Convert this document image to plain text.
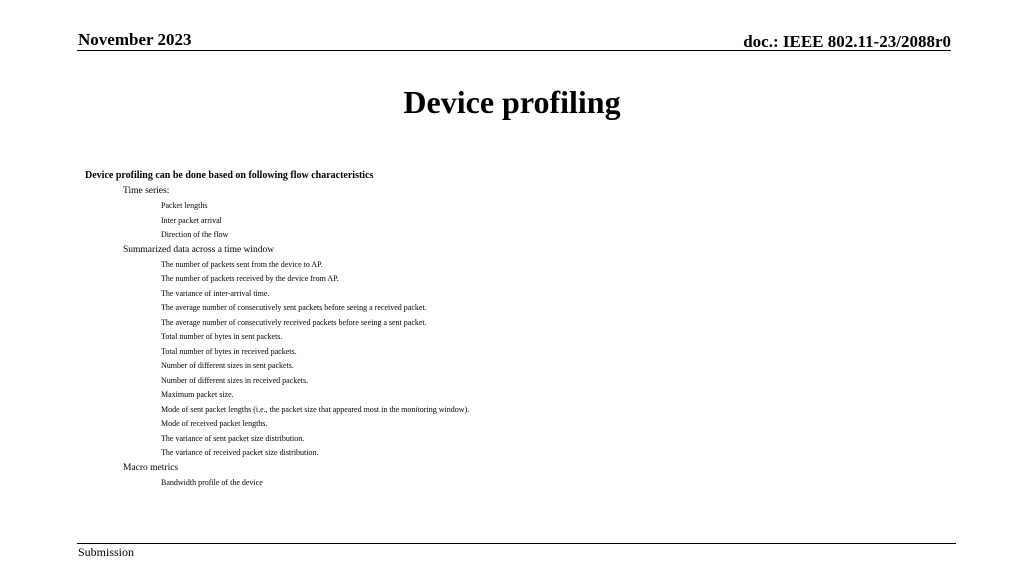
November 2023	doc.: IEEE 802.11-23/2088r0
Device profiling
Device profiling can be done based on following flow characteristics
Time series:
Packet lengths
Inter packet arrival
Direction of the flow
Summarized data across a time window
The number of packets sent from the device to AP.
The number of packets received by the device from AP.
The variance of inter-arrival time.
The average number of consecutively sent packets before seeing a received packet.
The average number of consecutively received packets before seeing a sent packet.
Total number of bytes in sent packets.
Total number of bytes in received packets.
Number of different sizes in sent packets.
Number of different sizes in received packets.
Maximum packet size.
Mode of sent packet lengths (i.e., the packet size that appeared most in the monitoring window).
Mode of received packet lengths.
The variance of sent packet size distribution.
The variance of received packet size distribution.
Macro metrics
Bandwidth profile of the device
Submission
